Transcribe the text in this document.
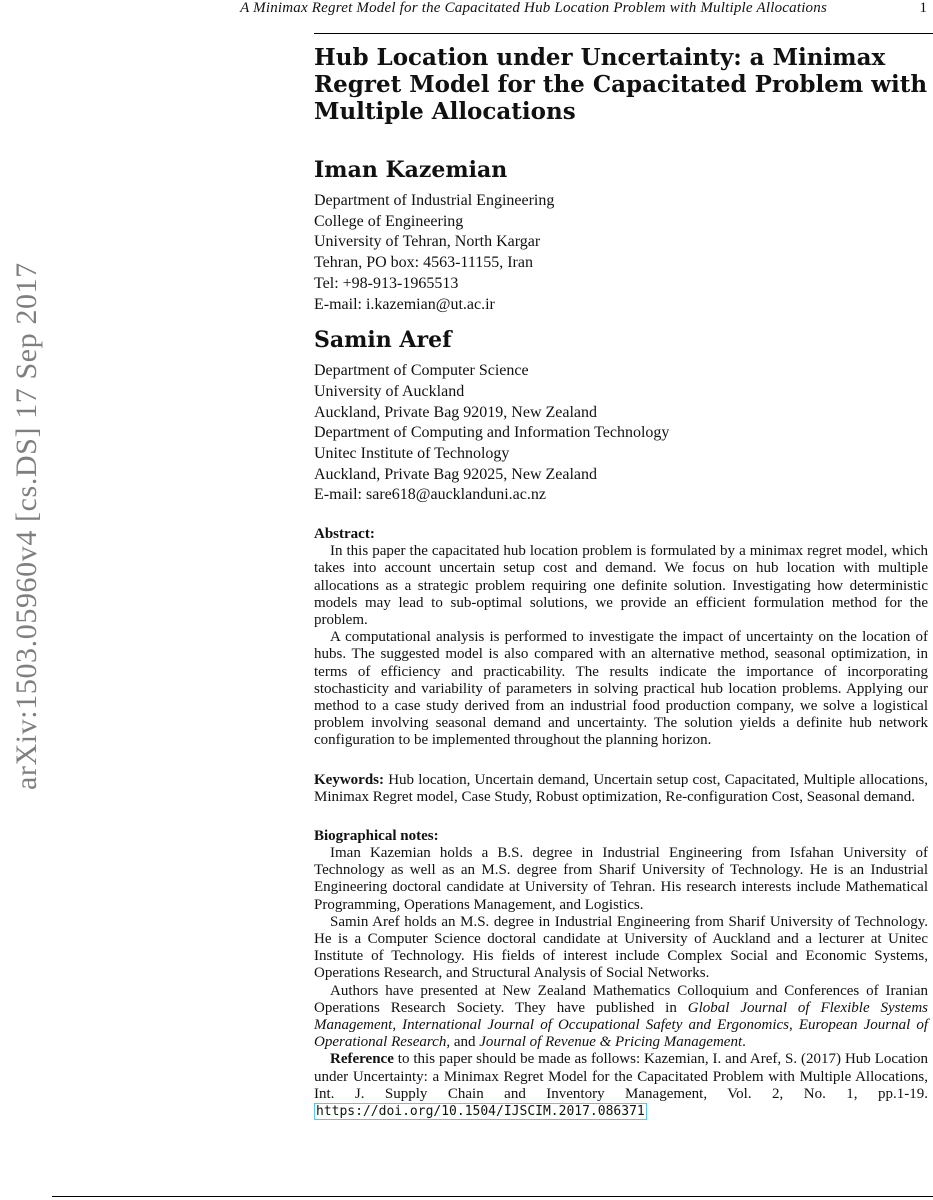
A Minimax Regret Model for the Capacitated Hub Location Problem with Multiple Allocations	1
arXiv:1503.05960v4 [cs.DS] 17 Sep 2017
Hub Location under Uncertainty: a Minimax Regret Model for the Capacitated Problem with Multiple Allocations
Iman Kazemian
Department of Industrial Engineering
College of Engineering
University of Tehran, North Kargar
Tehran, PO box: 4563-11155, Iran
Tel: +98-913-1965513
E-mail: i.kazemian@ut.ac.ir
Samin Aref
Department of Computer Science
University of Auckland
Auckland, Private Bag 92019, New Zealand
Department of Computing and Information Technology
Unitec Institute of Technology
Auckland, Private Bag 92025, New Zealand
E-mail: sare618@aucklanduni.ac.nz
Abstract:

In this paper the capacitated hub location problem is formulated by a minimax regret model, which takes into account uncertain setup cost and demand. We focus on hub location with multiple allocations as a strategic problem requiring one definite solution. Investigating how deterministic models may lead to sub-optimal solutions, we provide an efficient formulation method for the problem.

A computational analysis is performed to investigate the impact of uncertainty on the location of hubs. The suggested model is also compared with an alternative method, seasonal optimization, in terms of efficiency and practicability. The results indicate the importance of incorporating stochasticity and variability of parameters in solving practical hub location problems. Applying our method to a case study derived from an industrial food production company, we solve a logistical problem involving seasonal demand and uncertainty. The solution yields a definite hub network configuration to be implemented throughout the planning horizon.

Keywords: Hub location, Uncertain demand, Uncertain setup cost, Capacitated, Multiple allocations, Minimax Regret model, Case Study, Robust optimization, Re-configuration Cost, Seasonal demand.

Biographical notes:

Iman Kazemian holds a B.S. degree in Industrial Engineering from Isfahan University of Technology as well as an M.S. degree from Sharif University of Technology. He is an Industrial Engineering doctoral candidate at University of Tehran. His research interests include Mathematical Programming, Operations Management, and Logistics.

Samin Aref holds an M.S. degree in Industrial Engineering from Sharif University of Technology. He is a Computer Science doctoral candidate at University of Auckland and a lecturer at Unitec Institute of Technology. His fields of interest include Complex Social and Economic Systems, Operations Research, and Structural Analysis of Social Networks.

Authors have presented at New Zealand Mathematics Colloquium and Conferences of Iranian Operations Research Society. They have published in Global Journal of Flexible Systems Management, International Journal of Occupational Safety and Ergonomics, European Journal of Operational Research, and Journal of Revenue & Pricing Management.

Reference to this paper should be made as follows: Kazemian, I. and Aref, S. (2017) Hub Location under Uncertainty: a Minimax Regret Model for the Capacitated Problem with Multiple Allocations, Int. J. Supply Chain and Inventory Management, Vol. 2, No. 1, pp.1-19. https://doi.org/10.1504/IJSCIM.2017.086371
